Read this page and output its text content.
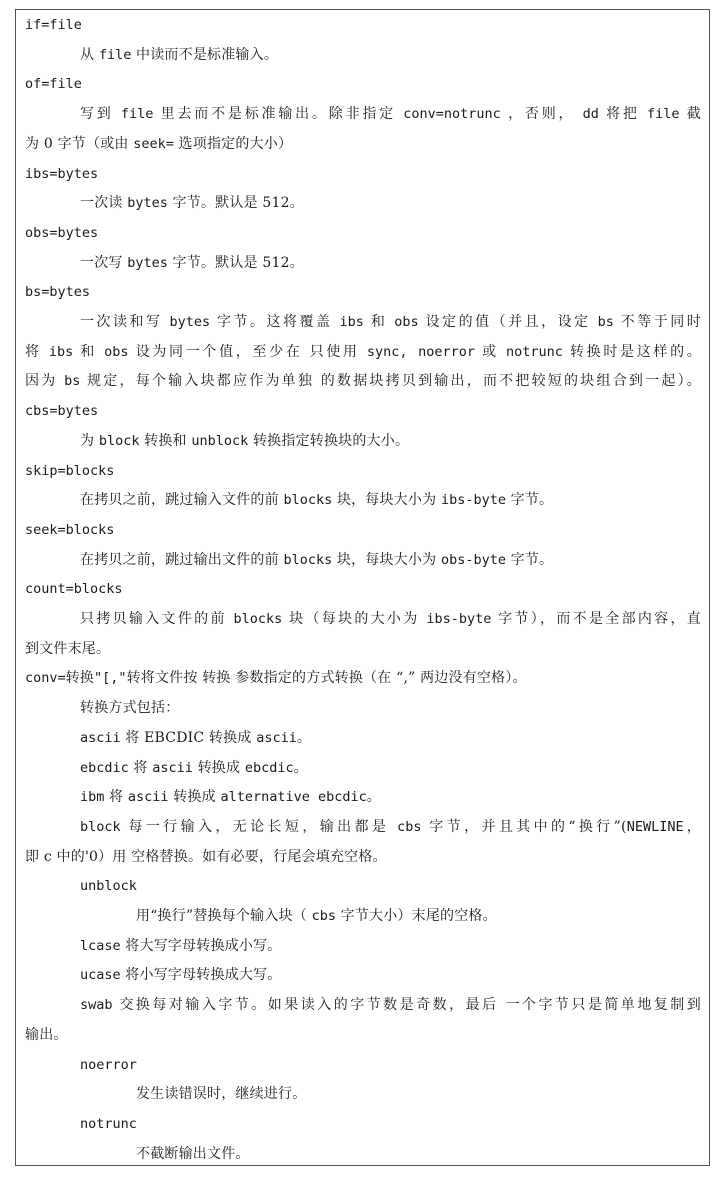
if=file
从 file 中读而不是标准输入。
of=file
写到 file 里去而不是标准输出。除非指定 conv=notrunc ，否则， dd 将把 file 截
为 0 字节（或由 seek= 选项指定的大小）
ibs=bytes
一次读 bytes 字节。默认是 512。
obs=bytes
一次写 bytes 字节。默认是 512。
bs=bytes
一次读和写 bytes 字节。这将覆盖 ibs 和 obs 设定的值（并且，设定 bs 不等于同时
将 ibs 和 obs 设为同一个值，至少在 只使用 sync, noerror 或 notrunc 转换时是这样的。
因为 bs 规定，每个输入块都应作为单独 的数据块拷贝到输出，而不把较短的块组合到一起）。
cbs=bytes
为 block 转换和 unblock 转换指定转换块的大小。
skip=blocks
在拷贝之前，跳过输入文件的前 blocks 块，每块大小为 ibs-byte 字节。
seek=blocks
在拷贝之前，跳过输出文件的前 blocks 块，每块大小为 obs-byte 字节。
count=blocks
只拷贝输入文件的前 blocks 块（每块的大小为 ibs-byte 字节），而不是全部内容，直
到文件末尾。
conv=转换"[,"转将文件按 转换 参数指定的方式转换（在 “,” 两边没有空格）。
转换方式包括：
ascii 将 EBCDIC 转换成 ascii。
ebcdic 将 ascii 转换成 ebcdic。
ibm 将 ascii 转换成 alternative ebcdic。
block 每一行输入，无论长短，输出都是 cbs 字节，并且其中的“换行”(NEWLINE，
即 c 中的'0）用 空格替换。如有必要，行尾会填充空格。
unblock
用“换行”替换每个输入块（ cbs 字节大小）末尾的空格。
lcase 将大写字母转换成小写。
ucase 将小写字母转换成大写。
swab 交换每对输入字节。如果读入的字节数是奇数，最后 一个字节只是简单地复制到
输出。
noerror
发生读错误时，继续进行。
notrunc
不截断输出文件。
